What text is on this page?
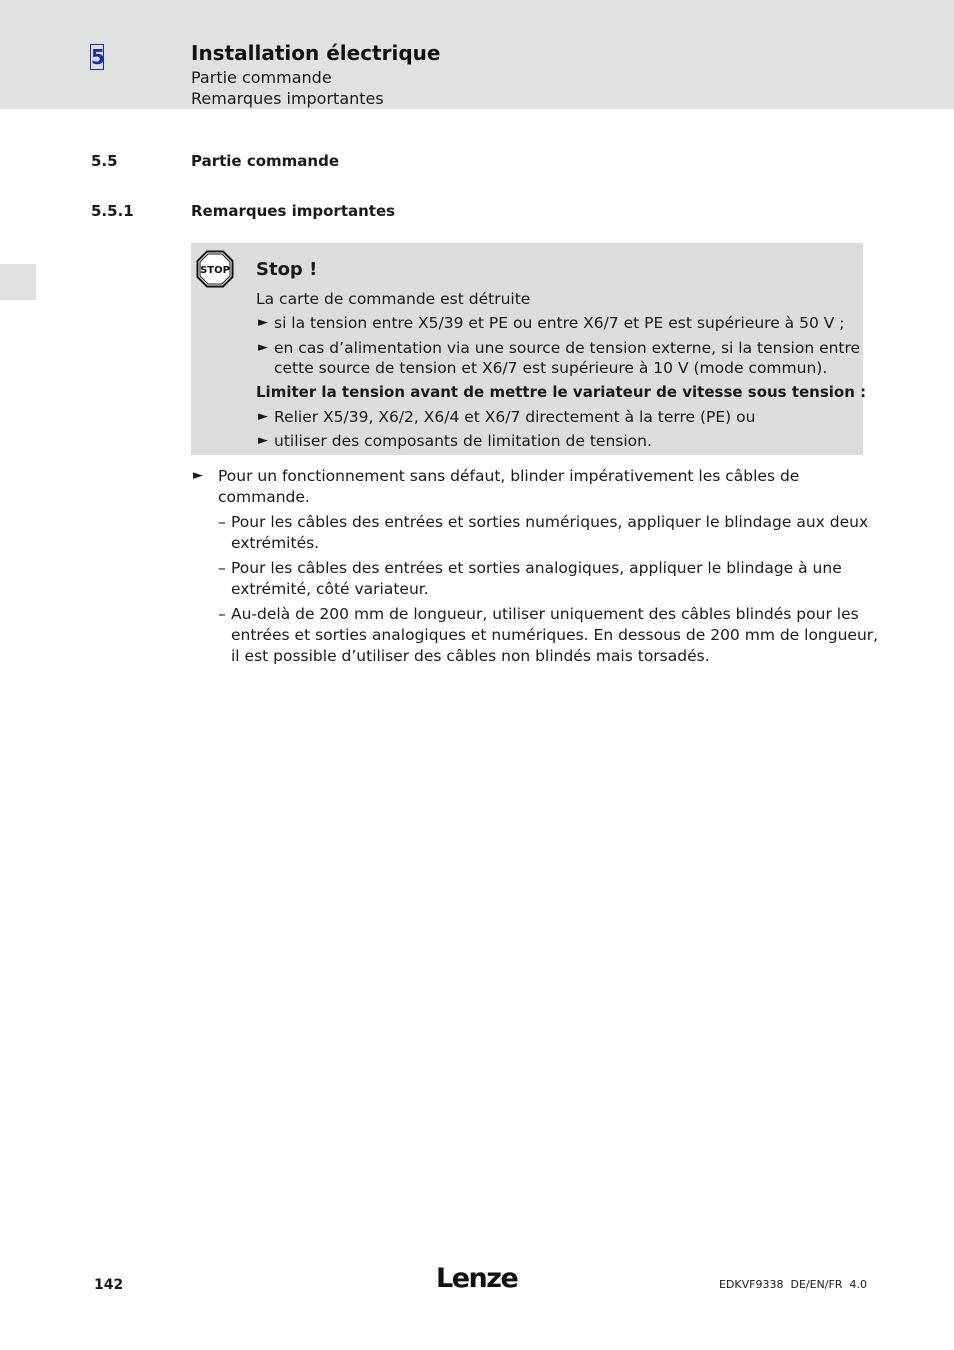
5	Installation électrique
Partie commande
Remarques importantes
5.5	Partie commande
5.5.1	Remarques importantes
STOP Stop !
La carte de commande est détruite
► si la tension entre X5/39 et PE ou entre X6/7 et PE est supérieure à 50 V ;
► en cas d’alimentation via une source de tension externe, si la tension entre
cette source de tension et X6/7 est supérieure à 10 V (mode commun).
Limiter la tension avant de mettre le variateur de vitesse sous tension :
► Relier X5/39, X6/2, X6/4 et X6/7 directement à la terre (PE) ou
► utiliser des composants de limitation de tension.
► Pour un fonctionnement sans défaut, blinder impérativement les câbles de
commande.
– Pour les câbles des entrées et sorties numériques, appliquer le blindage aux deux
extrémités.
– Pour les câbles des entrées et sorties analogiques, appliquer le blindage à une
extrémité, côté variateur.
– Au-delà de 200 mm de longueur, utiliser uniquement des câbles blindés pour les
entrées et sorties analogiques et numériques. En dessous de 200 mm de longueur,
il est possible d’utiliser des câbles non blindés mais torsadés.
142	Lenze	EDKVF9338  DE/EN/FR  4.0
